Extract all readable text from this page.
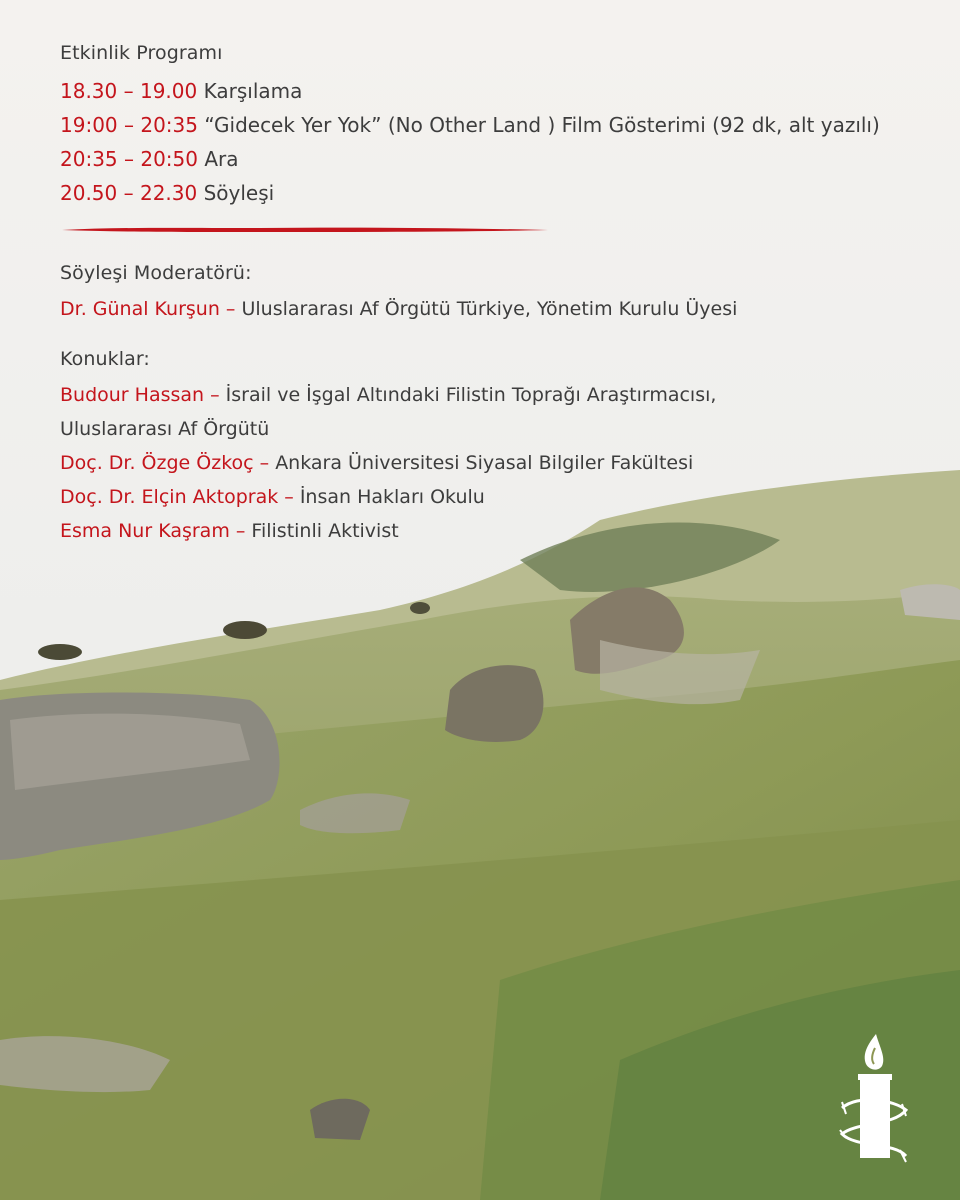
Etkinlik Programı

18.30 – 19.00 Karşılama
19:00 – 20:35 “Gidecek Yer Yok” (No Other Land ) Film Gösterimi (92 dk, alt yazılı)
20:35 – 20:50 Ara
20.50 – 22.30 Söyleşi

Söyleşi Moderatörü:

Dr. Günal Kurşun – Uluslararası Af Örgütü Türkiye, Yönetim Kurulu Üyesi

Konuklar:

Budour Hassan – İsrail ve İşgal Altındaki Filistin Toprağı Araştırmacısı,
Uluslararası Af Örgütü
Doç. Dr. Özge Özkoç – Ankara Üniversitesi Siyasal Bilgiler Fakültesi
Doç. Dr. Elçin Aktoprak – İnsan Hakları Okulu
Esma Nur Kaşram – Filistinli Aktivist
